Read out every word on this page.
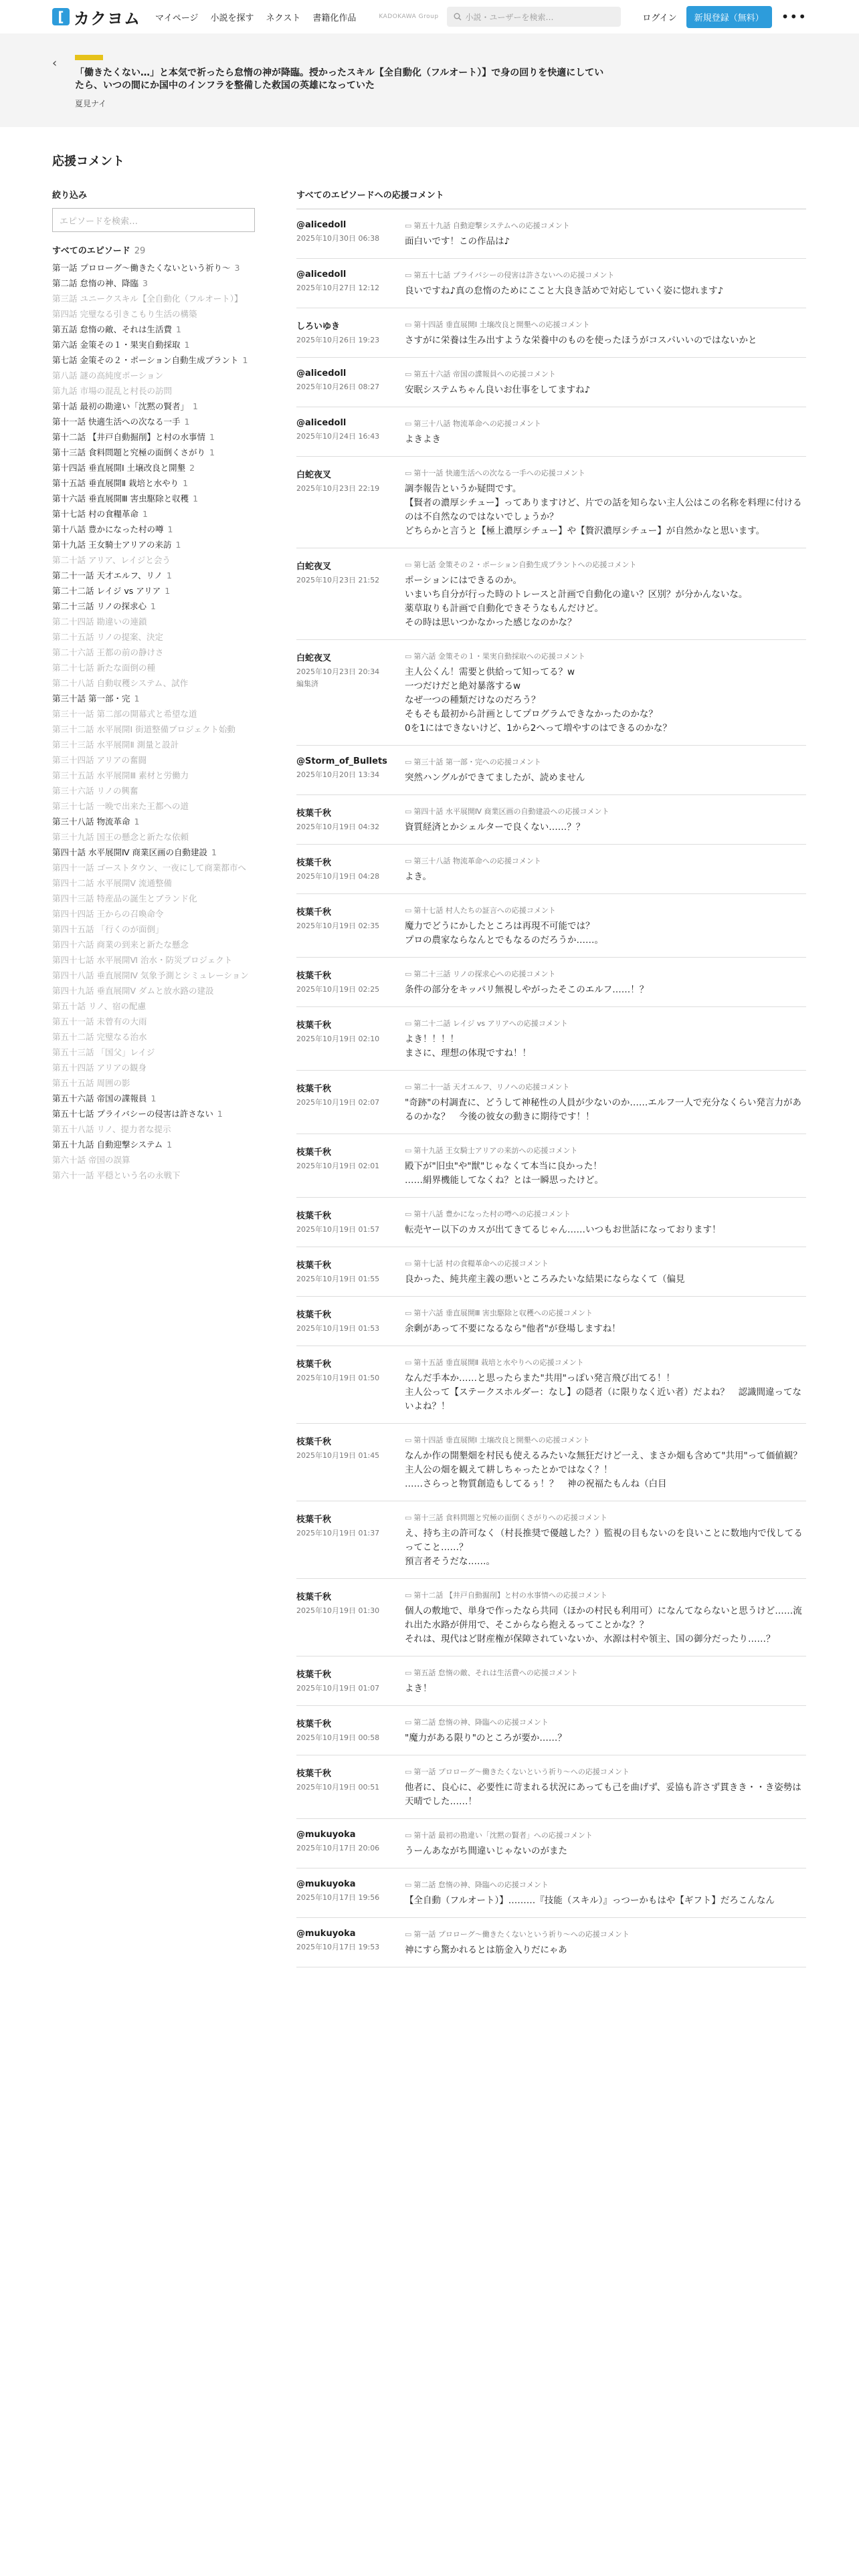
[ カクヨム マイページ 小説を探す ネクスト 書籍化作品	KADOKAWA Group	小説・ユーザーを検索…	ログイン	新規登録（無料）	•••
‹
「働きたくない…」と本気で祈ったら怠惰の神が降臨。授かったスキル【全自動化（フルオート）】で身の回りを快適にしていたら、いつの間にか国中のインフラを整備した救国の英雄になっていた
夏見ナイ
応援コメント
絞り込み
エピソードを検索…
すべてのエピソード 29
第一話 プロローグ〜働きたくないという祈り〜 3
第二話 怠惰の神、降臨 3
第三話 ユニークスキル【全自動化（フルオート）】
第四話 完璧なる引きこもり生活の構築
第五話 怠惰の敵、それは生活費 1
第六話 金策その１・果実自動採取 1
第七話 金策その２・ポーション自動生成プラント 1
第八話 謎の高純度ポーション
第九話 市場の混乱と村長の訪問
第十話 最初の勘違い「沈黙の賢者」 1
第十一話 快適生活への次なる一手 1
第十二話 【井戸自動掘削】と村の水事情 1
第十三話 食料問題と究極の面倒くさがり 1
第十四話 垂直展開Ⅰ 土壌改良と開墾 2
第十五話 垂直展開Ⅱ 栽培と水やり 1
第十六話 垂直展開Ⅲ 害虫駆除と収穫 1
第十七話 村の食糧革命 1
第十八話 豊かになった村の噂 1
第十九話 王女騎士アリアの来訪 1
第二十話 アリア、レイジと会う
第二十一話 天才エルフ、リノ 1
第二十二話 レイジ vs アリア 1
第二十三話 リノの探求心 1
第二十四話 勘違いの連鎖
第二十五話 リノの提案、決定
第二十六話 王都の前の静けさ
第二十七話 新たな面倒の種
第二十八話 自動収穫システム、試作
第三十話 第一部・完 1
第三十一話 第二部の開幕式と希望な道
第三十二話 水平展開Ⅰ 街道整備プロジェクト始動
第三十三話 水平展開Ⅱ 測量と設計
第三十四話 アリアの奮闘
第三十五話 水平展開Ⅲ 素材と労働力
第三十六話 リノの興奮
第三十七話 一晩で出来た王都への道
第三十八話 物流革命 1
第三十九話 国王の懸念と新たな依頼
第四十話 水平展開Ⅳ 商業区画の自動建設 1
第四十一話 ゴーストタウン、一夜にして商業都市へ
第四十二話 水平展開Ⅴ 流通整備
第四十三話 特産品の誕生とブランド化
第四十四話 王からの召喚命令
第四十五話 「行くのが面倒」
第四十六話 商業の到来と新たな懸念
第四十七話 水平展開Ⅵ 治水・防災プロジェクト
第四十八話 垂直展開Ⅳ 気象予測とシミュレーション
第四十九話 垂直展開Ⅴ ダムと放水路の建設
第五十話 リノ、宿の配慮
第五十一話 未曾有の大雨
第五十二話 完璧なる治水
第五十三話 「国父」レイジ
第五十四話 アリアの観身
第五十五話 周囲の影
第五十六話 帝国の諜報員 1
第五十七話 プライバシーの侵害は許さない 1
第五十八話 リノ、提力者な提示
第五十九話 自動迎撃システム 1
第六十話 帝国の誤算
第六十一話 平穏という名の永戦下
すべてのエピソードへの応援コメント
@alicedoll
2025年10月30日 06:38
▭ 第五十九話 自動迎撃システムへの応援コメント
面白いです！この作品は♪
@alicedoll
2025年10月27日 12:12
▭ 第五十七話 プライバシーの侵害は許さないへの応援コメント
良いですね♪真の怠惰のためにここと大良き話めで対応していく姿に惚れます♪
しろいゆき
2025年10月26日 19:23
▭ 第十四話 垂直展開Ⅰ 土壌改良と開墾への応援コメント
さすがに栄養は生み出すような栄養中のものを使ったほうがコスパいいのではないかと
@alicedoll
2025年10月26日 08:27
▭ 第五十六話 帝国の諜報員への応援コメント
安眠システムちゃん良いお仕事をしてますね♪
@alicedoll
2025年10月24日 16:43
▭ 第三十八話 物流革命への応援コメント
よきよき
白蛇夜叉
2025年10月23日 22:19
▭ 第十一話 快適生活への次なる一手への応援コメント
調李報告というか疑問です。
【賢者の濃厚シチュー】ってありますけど、片での話を知らない主人公はこの名称を料理に付けるのは不自然なのではないでしょうか？
どちらかと言うと【極上濃厚シチュー】や【贅沢濃厚シチュー】が自然かなと思います。
白蛇夜叉
2025年10月23日 21:52
▭ 第七話 金策その２・ポーション自動生成プラントへの応援コメント
ポーションにはできるのか。
いまいち自分が行った時のトレースと計画で自動化の違い？区別？が分かんないな。
薬草取りも計画で自動化できそうなもんだけど。
その時は思いつかなかった感じなのかな？
白蛇夜叉
2025年10月23日 20:34
編集済
▭ 第六話 金策その１・果実自動採取への応援コメント
主人公くん！需要と供給って知ってる？w
一つだけだと絶対暴落するw
なぜ一つの種類だけなのだろう？
そもそも最初から計画としてプログラムできなかったのかな？
0を1にはできないけど、1から2へって増やすのはできるのかな？
@Storm_of_Bullets
2025年10月20日 13:34
▭ 第三十話 第一部・完への応援コメント
突然ハングルができてましたが、読めません
枝葉千秋
2025年10月19日 04:32
▭ 第四十話 水平展開Ⅳ 商業区画の自動建設への応援コメント
資質経済とかシェルターで良くない……？？
枝葉千秋
2025年10月19日 04:28
▭ 第三十八話 物流革命への応援コメント
よき。
枝葉千秋
2025年10月19日 02:35
▭ 第十七話 村人たちの証言への応援コメント
魔力でどうにかしたところは再現不可能では？
プロの農家ならなんとでもなるのだろうか……。
枝葉千秋
2025年10月19日 02:25
▭ 第二十三話 リノの探求心への応援コメント
条件の部分をキッパリ無視しやがったそこのエルフ……！？
枝葉千秋
2025年10月19日 02:10
▭ 第二十二話 レイジ vs アリアへの応援コメント
よき！！！！
まさに、理想の体現ですね！！
枝葉千秋
2025年10月19日 02:07
▭ 第二十一話 天才エルフ、リノへの応援コメント
"奇跡"の村調査に、どうして神秘性の人員が少ないのか……エルフ一人で充分なくらい発言力があるのかな？　今後の彼女の動きに期待です！！
枝葉千秋
2025年10月19日 02:01
▭ 第十九話 王女騎士アリアの来訪への応援コメント
殿下が"旧虫"や"獣"じゃなくて本当に良かった！
……絹界機能してなくね？とは一瞬思ったけど。
枝葉千秋
2025年10月19日 01:57
▭ 第十八話 豊かになった村の噂への応援コメント
転売ヤー以下のカスが出てきてるじゃん……いつもお世話になっております！
枝葉千秋
2025年10月19日 01:55
▭ 第十七話 村の食糧革命への応援コメント
良かった、純共産主義の悪いところみたいな結果にならなくて（偏見
枝葉千秋
2025年10月19日 01:53
▭ 第十六話 垂直展開Ⅲ 害虫駆除と収穫への応援コメント
余剰があって不要になるなら"他者"が登場しますね！
枝葉千秋
2025年10月19日 01:50
▭ 第十五話 垂直展開Ⅱ 栽培と水やりへの応援コメント
なんだ手本か……と思ったらまた"共用"っぽい発言飛び出てる！！
主人公って【ステークスホルダー：なし】の隠者（に限りなく近い者）だよね？　認識間違ってないよね？！
枝葉千秋
2025年10月19日 01:45
▭ 第十四話 垂直展開Ⅰ 土壌改良と開墾への応援コメント
なんか作の開墾畑を村民も使えるみたいな無狂だけど一え、まさか畑も含めて"共用"って価値観？　主人公の畑を観えて耕しちゃったとかではなく？！
……さらっと物質創造もしてるぅ！？　神の祝福たもんね（白目
枝葉千秋
2025年10月19日 01:37
▭ 第十三話 食料問題と究極の面倒くさがりへの応援コメント
え、持ち主の許可なく（村長推奨で優越した？）監視の目もないのを良いことに数地内で伐してるってこと……？
預言者そうだな……。
枝葉千秋
2025年10月19日 01:30
▭ 第十二話 【井戸自動掘削】と村の水事情への応援コメント
個人の敷地で、単身で作ったなら共同（ほかの村民も利用可）になんてならないと思うけど……流れ出た水路が併用で、そこからなら抱えるってことかな？？
それは、現代はど財産権が保障されていないか、水源は村や領主、国の御分だったり……？
枝葉千秋
2025年10月19日 01:07
▭ 第五話 怠惰の敵、それは生活費への応援コメント
よき！
枝葉千秋
2025年10月19日 00:58
▭ 第二話 怠惰の神、降臨への応援コメント
"魔力がある限り"のところが要か……？
枝葉千秋
2025年10月19日 00:51
▭ 第一話 プロローグ〜働きたくないという祈り〜への応援コメント
他者に、良心に、必要性に苛まれる状況にあっても己を曲げず、妥協も許さず貫きき・・き姿勢は天晴でした……！
@mukuyoka
2025年10月17日 20:06
▭ 第十話 最初の勘違い「沈黙の賢者」への応援コメント
うーんあながち間違いじゃないのがまた
@mukuyoka
2025年10月17日 19:56
▭ 第二話 怠惰の神、降臨への応援コメント
【全自動（フルオート）】………『技能（スキル）』っつーかもはや【ギフト】だろこんなん
@mukuyoka
2025年10月17日 19:53
▭ 第一話 プロローグ〜働きたくないという祈り〜への応援コメント
神にすら驚かれるとは筋金入りだにゃあ
